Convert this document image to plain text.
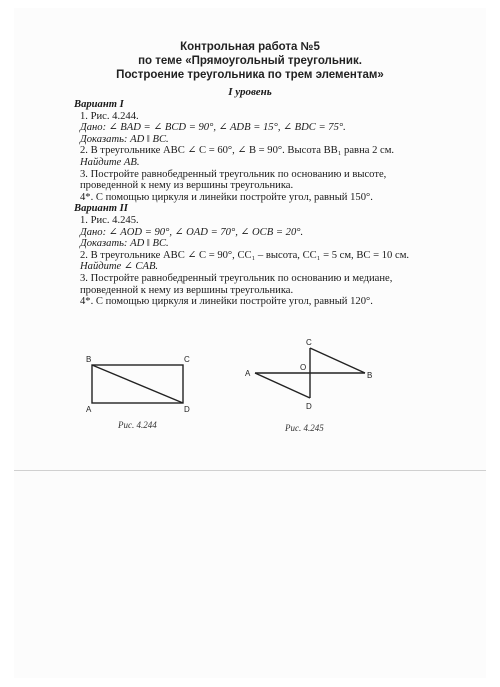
Контрольная работа №5
по теме «Прямоугольный треугольник.
Построение треугольника по трем элементам»
I уровень
Вариант I
1. Рис. 4.244.
Дано: ∠ BAD = ∠ BCD = 90°, ∠ ADB = 15°, ∠ BDC = 75°.
Доказать: AD ‖ BC.
2. В треугольнике ABC ∠ C = 60°, ∠ B = 90°. Высота BB₁ равна 2 см.
Найдите AB.
3. Постройте равнобедренный треугольник по основанию и высоте, проведенной к нему из вершины треугольника.
4*. С помощью циркуля и линейки постройте угол, равный 150°.
Вариант II
1. Рис. 4.245.
Дано: ∠ AOD = 90°, ∠ OAD = 70°, ∠ OCB = 20°.
Доказать: AD ‖ BC.
2. В треугольнике ABC ∠ C = 90°, CC₁ – высота, CC₁ = 5 см, BC = 10 см.
Найдите ∠ CAB.
3. Постройте равнобедренный треугольник по основанию и медиане, проведенной к нему из вершины треугольника.
4*. С помощью циркуля и линейки постройте угол, равный 120°.
B	C
A	D
A
O
B
C
D
Рис. 4.244	Рис. 4.245
